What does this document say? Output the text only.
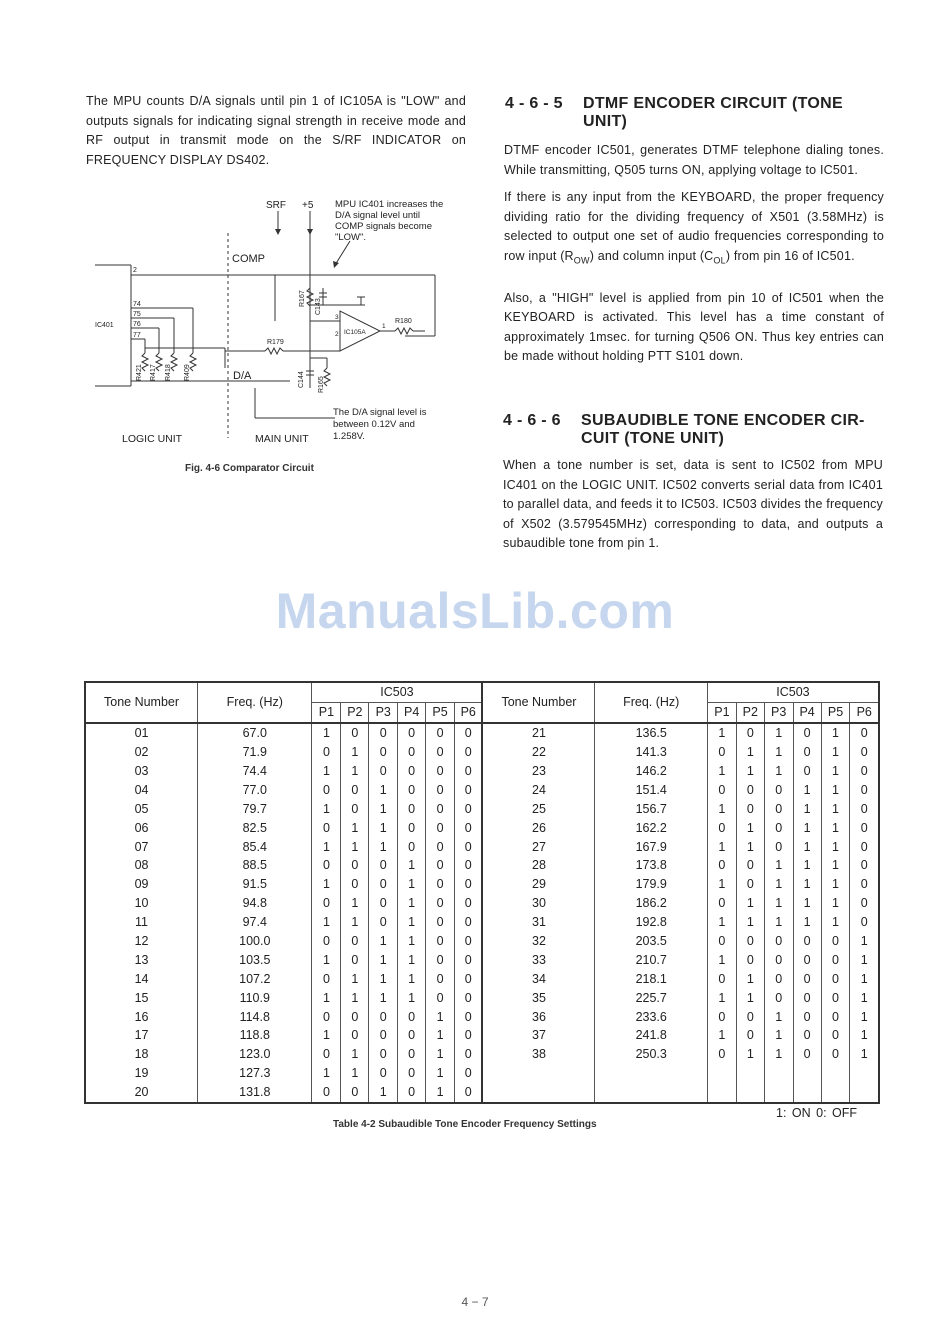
The MPU counts D/A signals until pin 1 of IC105A is "LOW" and outputs signals for indicating signal strength in receive mode and RF output in transmit mode on the S/RF INDICATOR on FREQUENCY DISPLAY DS402.
SRF +5 MPU IC401 increases the
D/A signal level until
COMP signals become
"LOW".
COMP
D/A
IC401
2
74
75
76
77
R421 R417 R418 R409
R167 C143
R180
R179
C144 R165
IC105A
3
2
1
The D/A signal level is
between 0.12V and
1.258V.
LOGIC UNIT	MAIN UNIT
Fig. 4-6 Comparator Circuit
4 - 6 - 5 DTMF ENCODER CIRCUIT (TONE
UNIT)

DTMF encoder IC501, generates DTMF telephone dialing tones. While transmitting, Q505 turns ON, applying voltage to IC501.

If there is any input from the KEYBOARD, the proper frequency dividing ratio for the dividing frequency of X501 (3.58MHz) is selected to output one set of audio frequencies corresponding to row input $(R_{OW})$ and column input $(C_{OL})$ from pin 16 of IC501.

Also, a "HIGH" level is applied from pin 10 of IC501 when the KEYBOARD is activated. This level has a time constant of approximately 1msec. for turning Q506 ON. Thus key entries can be made without holding PTT S101 down.

4 - 6 - 6 SUBAUDIBLE TONE ENCODER CIR-
CUIT (TONE UNIT)
When a tone number is set, data is sent to IC502 from MPU IC401 on the LOGIC UNIT. IC502 converts serial data from IC401 to parallel data, and feeds it to IC503. IC503 divides the frequency of X502 (3.579545MHz) corresponding to data, and outputs a subaudible tone from pin 1.
ManualsLib.com
Tone Number	Freq. (Hz)	IC503						Tone Number	Freq. (Hz)	IC503					
		P1	P2	P3	P4	P5	P6			P1	P2	P3	P4	P5	P6
01	67.0	1	0	0	0	0	0	21	136.5	1	0	1	0	1	0
02	71.9	0	1	0	0	0	0	22	141.3	0	1	1	0	1	0
03	74.4	1	1	0	0	0	0	23	146.2	1	1	1	0	1	0
04	77.0	0	0	1	0	0	0	24	151.4	0	0	0	1	1	0
05	79.7	1	0	1	0	0	0	25	156.7	1	0	0	1	1	0
06	82.5	0	1	1	0	0	0	26	162.2	0	1	0	1	1	0
07	85.4	1	1	1	0	0	0	27	167.9	1	1	0	1	1	0
08	88.5	0	0	0	1	0	0	28	173.8	0	0	1	1	1	0
09	91.5	1	0	0	1	0	0	29	179.9	1	0	1	1	1	0
10	94.8	0	1	0	1	0	0	30	186.2	0	1	1	1	1	0
11	97.4	1	1	0	1	0	0	31	192.8	1	1	1	1	1	0
12	100.0	0	0	1	1	0	0	32	203.5	0	0	0	0	0	1
13	103.5	1	0	1	1	0	0	33	210.7	1	0	0	0	0	1
14	107.2	0	1	1	1	0	0	34	218.1	0	1	0	0	0	1
15	110.9	1	1	1	1	0	0	35	225.7	1	1	0	0	0	1
16	114.8	0	0	0	0	1	0	36	233.6	0	0	1	0	0	1
17	118.8	1	0	0	0	1	0	37	241.8	1	0	1	0	0	1
18	123.0	0	1	0	0	1	0	38	250.3	0	1	1	0	0	1
19	127.3	1	1	0	0	1	0								
20	131.8	0	0	1	0	1	0								
1: ON 0: OFF
Table 4-2 Subaudible Tone Encoder Frequency Settings
4 − 7
